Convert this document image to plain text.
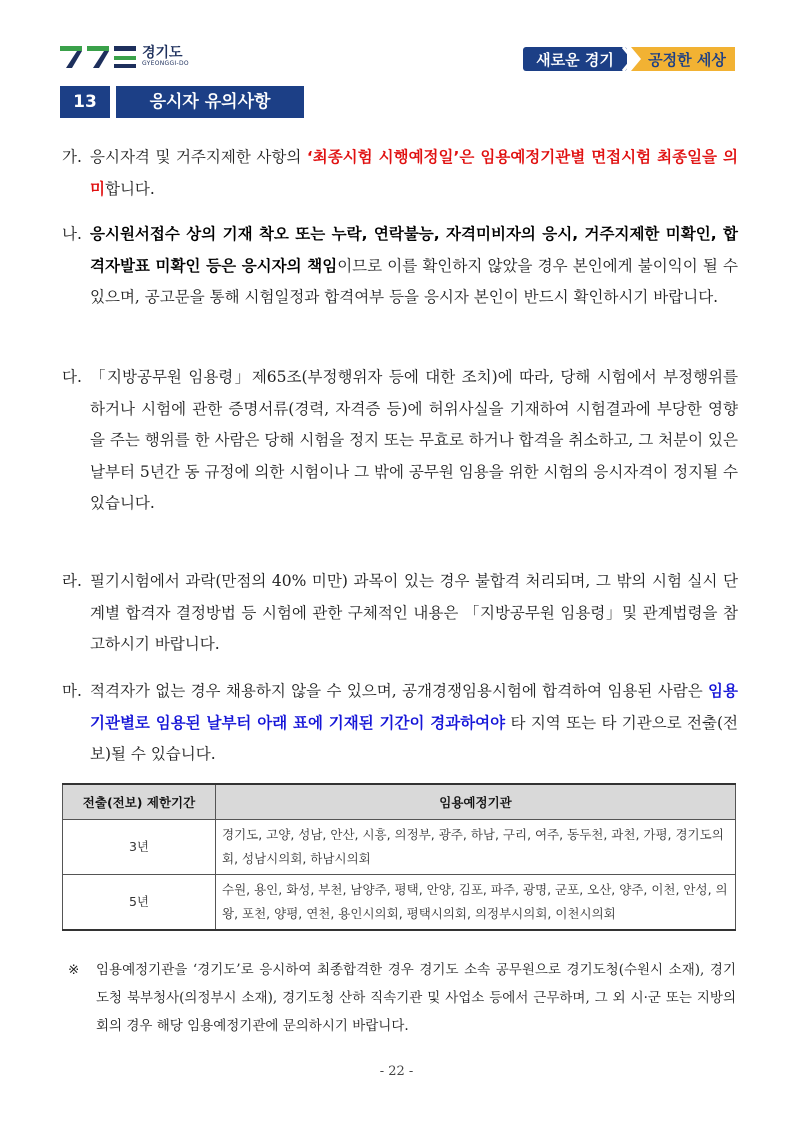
경기도
GYEONGGI-DO	새로운 경기 공정한 세상
13	응시자 유의사항
가. 응시자격 및 거주지제한 사항의 ‘최종시험 시행예정일’은 임용예정기관별 면접시험 최종일을 의미합니다.
나. 응시원서접수 상의 기재 착오 또는 누락, 연락불능, 자격미비자의 응시, 거주지제한 미확인, 합격자발표 미확인 등은 응시자의 책임이므로 이를 확인하지 않았을 경우 본인에게 불이익이 될 수 있으며, 공고문을 통해 시험일정과 합격여부 등을 응시자 본인이 반드시 확인하시기 바랍니다.
다. 「지방공무원 임용령」제65조(부정행위자 등에 대한 조치)에 따라, 당해 시험에서 부정행위를 하거나 시험에 관한 증명서류(경력, 자격증 등)에 허위사실을 기재하여 시험결과에 부당한 영향을 주는 행위를 한 사람은 당해 시험을 정지 또는 무효로 하거나 합격을 취소하고, 그 처분이 있은 날부터 5년간 동 규정에 의한 시험이나 그 밖에 공무원 임용을 위한 시험의 응시자격이 정지될 수 있습니다.
라. 필기시험에서 과락(만점의 40% 미만) 과목이 있는 경우 불합격 처리되며, 그 밖의 시험 실시 단계별 합격자 결정방법 등 시험에 관한 구체적인 내용은 「지방공무원 임용령」및 관계법령을 참고하시기 바랍니다.
마. 적격자가 없는 경우 채용하지 않을 수 있으며, 공개경쟁임용시험에 합격하여 임용된 사람은 임용기관별로 임용된 날부터 아래 표에 기재된 기간이 경과하여야 타 지역 또는 타 기관으로 전출(전보)될 수 있습니다.
전출(전보) 제한기간	임용예정기관
3년	경기도, 고양, 성남, 안산, 시흥, 의정부, 광주, 하남, 구리, 여주, 동두천, 과천, 가평, 경기도의회, 성남시의회, 하남시의회
5년	수원, 용인, 화성, 부천, 남양주, 평택, 안양, 김포, 파주, 광명, 군포, 오산, 양주, 이천, 안성, 의왕, 포천, 양평, 연천, 용인시의회, 평택시의회, 의정부시의회, 이천시의회
※ 임용예정기관을 ‘경기도’로 응시하여 최종합격한 경우 경기도 소속 공무원으로 경기도청(수원시 소재), 경기도청 북부청사(의정부시 소재), 경기도청 산하 직속기관 및 사업소 등에서 근무하며, 그 외 시·군 또는 지방의회의 경우 해당 임용예정기관에 문의하시기 바랍니다.
- 22 -
